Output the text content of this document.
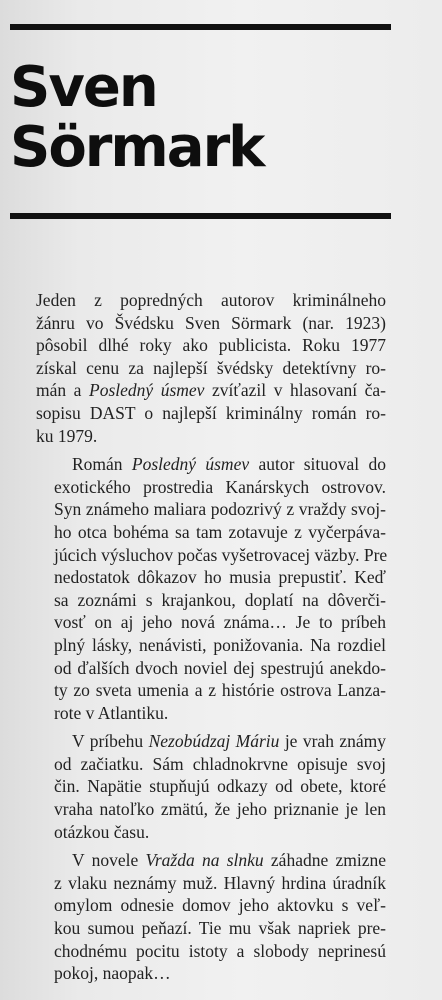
Sven
Sörmark

Jeden z popredných autorov kriminálneho
žánru vo Švédsku Sven Sörmark (nar. 1923)
pôsobil dlhé roky ako publicista. Roku 1977
získal cenu za najlepší švédsky detektívny ro-
mán a Posledný úsmev zvíťazil v hlasovaní ča-
sopisu DAST o najlepší kriminálny román ro-
ku 1979.

Román Posledný úsmev autor situoval do
exotického prostredia Kanárskych ostrovov.
Syn známeho maliara podozrivý z vraždy svoj-
ho otca bohéma sa tam zotavuje z vyčerpáva-
júcich výsluchov počas vyšetrovacej väzby. Pre
nedostatok dôkazov ho musia prepustiť. Keď
sa zoznámi s krajankou, doplatí na dôverči-
vosť on aj jeho nová známa… Je to príbeh
plný lásky, nenávisti, ponižovania. Na rozdiel
od ďalších dvoch noviel dej spestrujú anekdo-
ty zo sveta umenia a z histórie ostrova Lanza-
rote v Atlantiku.

V príbehu Nezobúdzaj Máriu je vrah známy
od začiatku. Sám chladnokrvne opisuje svoj
čin. Napätie stupňujú odkazy od obete, ktoré
vraha natoľko zmätú, že jeho priznanie je len
otázkou času.

V novele Vražda na slnku záhadne zmizne
z vlaku neznámy muž. Hlavný hrdina úradník
omylom odnesie domov jeho aktovku s veľ-
kou sumou peňazí. Tie mu však napriek pre-
chodnému pocitu istoty a slobody neprinesú
pokoj, naopak…
